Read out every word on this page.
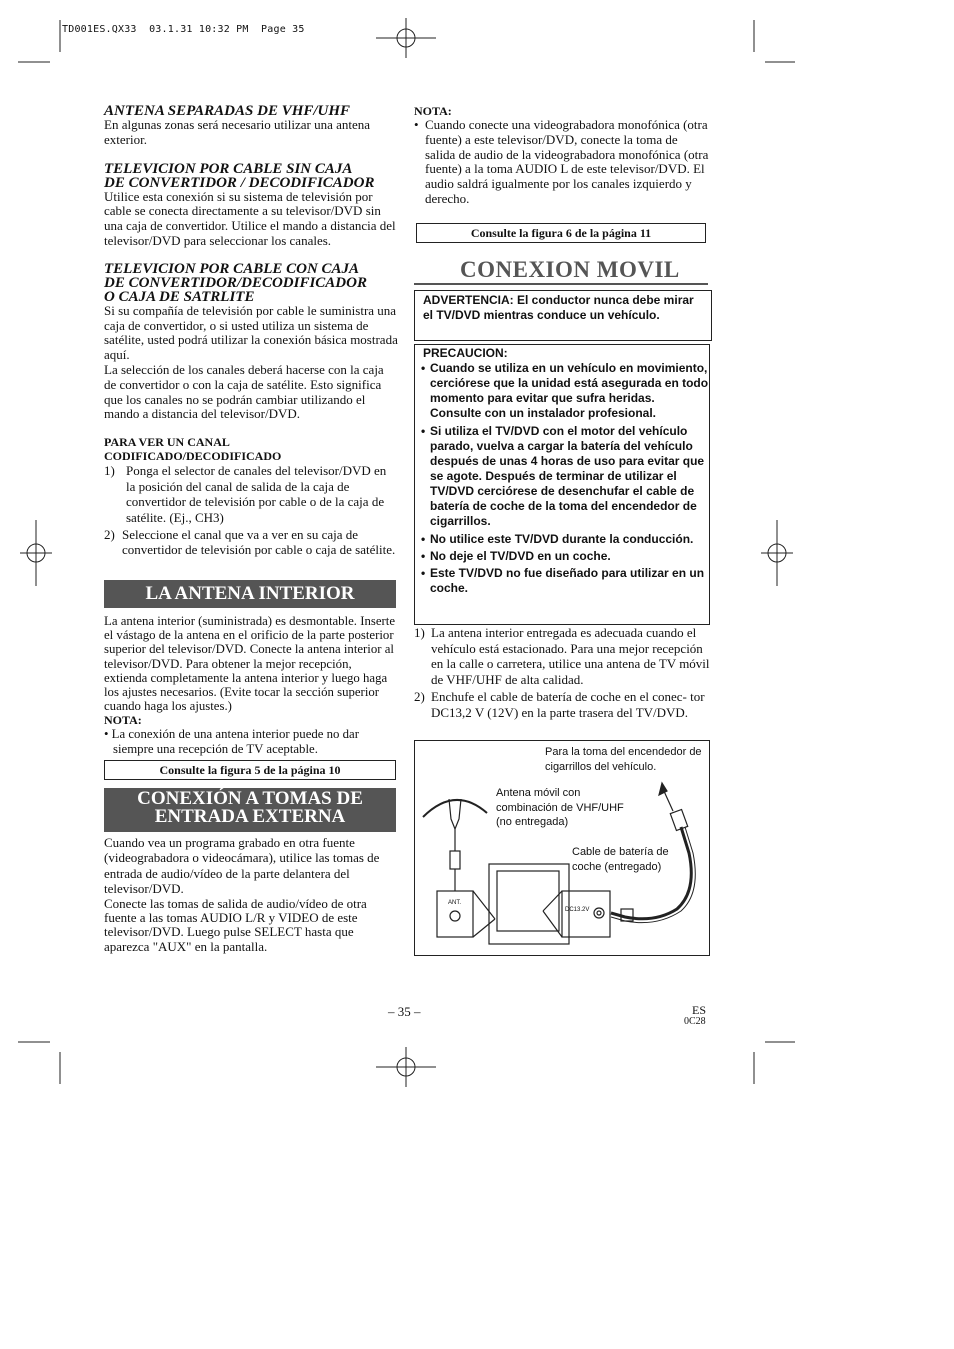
TD001ES.QX33  03.1.31 10:32 PM  Page 35
ANTENA SEPARADAS DE VHF/UHF

En algunas zonas será necesario utilizar una antena exterior.

TELEVICION POR CABLE SIN CAJA
DE CONVERTIDOR / DECODIFICADOR

Utilice esta conexión si su sistema de televisión por cable se conecta directamente a su televisor/DVD sin una caja de convertidor. Utilice el mando a distancia del televisor/DVD para seleccionar los canales.

TELEVICION POR CABLE CON CAJA
DE CONVERTIDOR/DECODIFICADOR
O CAJA DE SATRLITE

Si su compañía de televisión por cable le suministra una caja de convertidor, o si usted utiliza un sistema de satélite, usted podrá utilizar la conexión básica mostrada aquí.

La selección de los canales deberá hacerse con la caja de convertidor o con la caja de satélite. Esto significa que los canales no se podrán cambiar utilizando el mando a distancia del televisor/DVD.

PARA VER UN CANAL
CODIFICADO/DECODIFICADO
1) Ponga el selector de canales del televisor/DVD en la posición del canal de salida de la caja de convertidor de televisión por cable o de la caja de satélite. (Ej., CH3)
2) Seleccione el canal que va a ver en su caja de convertidor de televisión por cable o caja de satélite.
LA ANTENA INTERIOR

La antena interior (suministrada) es desmontable. Inserte el vástago de la antena en el orificio de la parte posterior superior del televisor/DVD. Conecte la antena interior al televisor/DVD. Para obtener la mejor recepción, extienda completamente la antena interior y luego haga los ajustes necesarios. (Evite tocar la sección superior cuando haga los ajustes.)

NOTA:

• La conexión de una antena interior puede no dar siempre una recepción de TV aceptable.

Consulte la figura 5 de la página 10
CONEXIÓN A TOMAS DE
ENTRADA EXTERNA

Cuando vea un programa grabado en otra fuente (videograbadora o videocámara), utilice las tomas de entrada de audio/vídeo de la parte delantera del televisor/DVD.

Conecte las tomas de salida de audio/vídeo de otra fuente a las tomas AUDIO L/R y VIDEO de este televisor/DVD. Luego pulse SELECT hasta que aparezca "AUX" en la pantalla.

NOTA:
• Cuando conecte una videograbadora monofónica (otra fuente) a este televisor/DVD, conecte la toma de salida de audio de la videograbadora monofónica (otra fuente) a la toma AUDIO L de este televisor/DVD. El audio saldrá igualmente por los canales izquierdo y derecho.

Consulte la figura 6 de la página 11
CONEXION MOVIL
ADVERTENCIA: El conductor nunca debe mirar el TV/DVD mientras conduce un vehículo.
PRECAUCION:
• Cuando se utiliza en un vehículo en movimiento, cerciórese que la unidad está asegurada en todo momento para evitar que sufra heridas. Consulte con un instalador profesional.
• Si utiliza el TV/DVD con el motor del vehículo parado, vuelva a cargar la batería del vehículo después de unas 4 horas de uso para evitar que se agote. Después de terminar de utilizar el TV/DVD cerciórese de desenchufar el cable de batería de coche de la toma del encendedor de cigarrillos.
• No utilice este TV/DVD durante la conducción.
• No deje el TV/DVD en un coche.
• Este TV/DVD no fue diseñado para utilizar en un coche.
1) La antena interior entregada es adecuada cuando el vehículo está estacionado. Para una mejor recepción en la calle o carretera, utilice una antena de TV móvil de VHF/UHF de alta calidad.
2) Enchufe el cable de batería de coche en el conec- tor DC13,2 V (12V) en la parte trasera del TV/DVD.
Para la toma del encendedor de cigarrillos del vehículo.
Antena móvil con combinación de VHF/UHF (no entregada)
Cable de batería de coche (entregado)
ANT.
DC13.2V
– 35 –	ES
0C28
